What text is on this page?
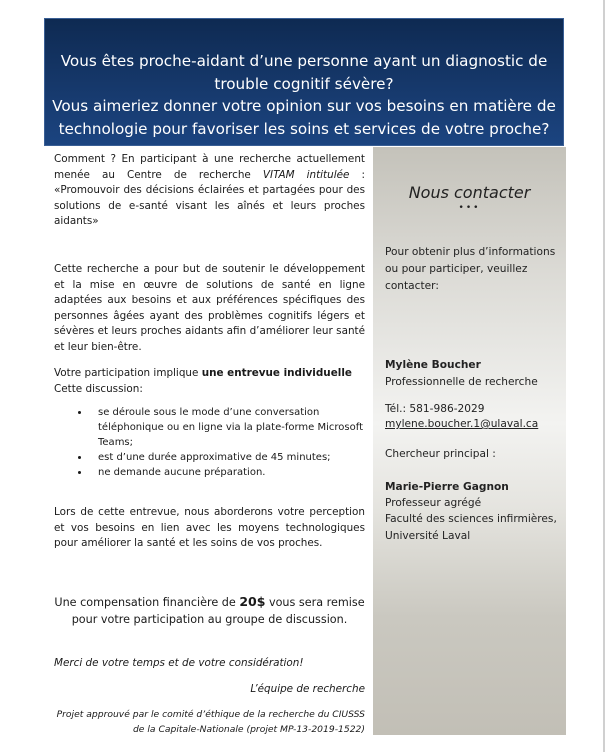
Vous êtes proche-aidant d’une personne ayant un diagnostic de trouble cognitif sévère?
Vous aimeriez donner votre opinion sur vos besoins en matière de technologie pour favoriser les soins et services de votre proche?
Nous contacter
•••
Pour obtenir plus d’informations ou pour participer, veuillez contacter:
Mylène Boucher
Professionnelle de recherche
Tél.: 581-986-2029
mylene.boucher.1@ulaval.ca
Chercheur principal :
Marie-Pierre Gagnon
Professeur agrégé
Faculté des sciences infirmières, Université Laval
Comment ? En participant à une recherche actuellement menée au Centre de recherche VITAM intitulée : «Promouvoir des décisions éclairées et partagées pour des solutions de e-santé visant les aînés et leurs proches aidants»
Cette recherche a pour but de soutenir le développement et la mise en œuvre de solutions de santé en ligne adaptées aux besoins et aux préférences spécifiques des personnes âgées ayant des problèmes cognitifs légers et sévères et leurs proches aidants afin d’améliorer leur santé et leur bien-être.
Votre participation implique une entrevue individuelle
Cette discussion:
• se déroule sous le mode d’une conversation téléphonique ou en ligne via la plate-forme Microsoft Teams;
• est d’une durée approximative de 45 minutes;
• ne demande aucune préparation.
Lors de cette entrevue, nous aborderons votre perception et vos besoins en lien avec les moyens technologiques pour améliorer la santé et les soins de vos proches.
Une compensation financière de 20$ vous sera remise pour votre participation au groupe de discussion.
Merci de votre temps et de votre considération!
L’équipe de recherche
Projet approuvé par le comité d’éthique de la recherche du CIUSSS de la Capitale-Nationale (projet MP-13-2019-1522)
